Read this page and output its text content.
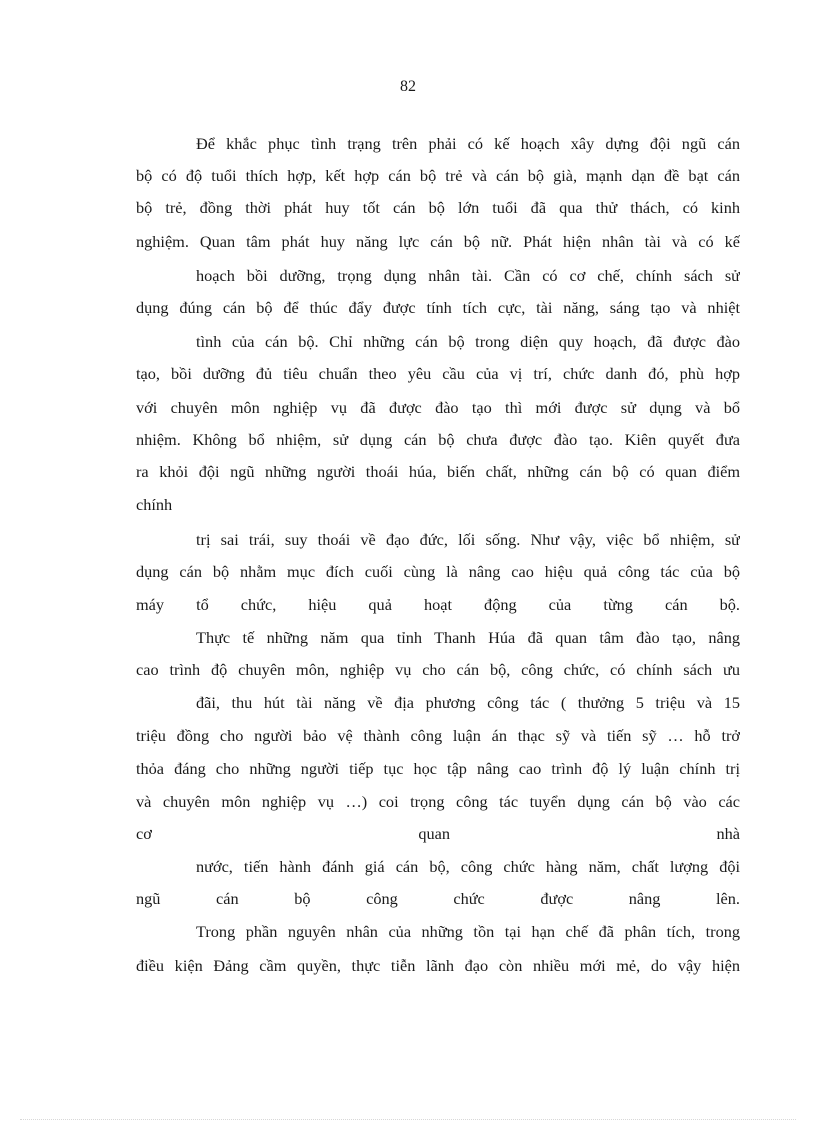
82
Để khắc phục tình trạng trên phải có kế hoạch xây dựng đội ngũ cán
bộ có độ tuổi thích hợp, kết hợp cán bộ trẻ và cán bộ già, mạnh dạn đề bạt cán
bộ trẻ, đồng thời phát huy tốt cán bộ lớn tuổi đã qua thử thách, có kinh
nghiệm. Quan tâm phát huy năng lực cán bộ nữ. Phát hiện nhân tài và có kế
hoạch bồi dưỡng, trọng dụng nhân tài. Cần có cơ chế, chính sách sử
dụng đúng cán bộ để thúc đẩy được tính tích cực, tài năng, sáng tạo và nhiệt
tình của cán bộ. Chỉ những cán bộ trong diện quy hoạch, đã được đào
tạo, bồi dưỡng đủ tiêu chuẩn theo yêu cầu của vị trí, chức danh đó, phù hợp
với chuyên môn nghiệp vụ đã được đào tạo thì mới được sử dụng và bổ
nhiệm. Không bổ nhiệm, sử dụng cán bộ chưa được đào tạo. Kiên quyết đưa
ra khỏi đội ngũ những người thoái húa, biến chất, những cán bộ có quan điểm
chính
trị sai trái, suy thoái về đạo đức, lối sống. Như vậy, việc bổ nhiệm, sử
dụng cán bộ nhằm mục đích cuối cùng là nâng cao hiệu quả công tác của bộ
máy tổ chức, hiệu quả hoạt động của từng cán bộ.
Thực tế những năm qua tỉnh Thanh Húa đã quan tâm đào tạo, nâng
cao trình độ chuyên môn, nghiệp vụ cho cán bộ, công chức, có chính sách ưu
đãi, thu hút tài năng về địa phương công tác ( thưởng 5 triệu và 15
triệu đồng cho người bảo vệ thành công luận án thạc sỹ và tiến sỹ … hỗ trở
thỏa đáng cho những người tiếp tục học tập nâng cao trình độ lý luận chính trị
và chuyên môn nghiệp vụ …) coi trọng công tác tuyển dụng cán bộ vào các
cơ quan nhà
nước, tiến hành đánh giá cán bộ, công chức hàng năm, chất lượng đội
ngũ cán bộ công chức được nâng lên.
Trong phần nguyên nhân của những tồn tại hạn chế đã phân tích, trong
điều kiện Đảng cầm quyền, thực tiễn lãnh đạo còn nhiều mới mẻ, do vậy hiện
